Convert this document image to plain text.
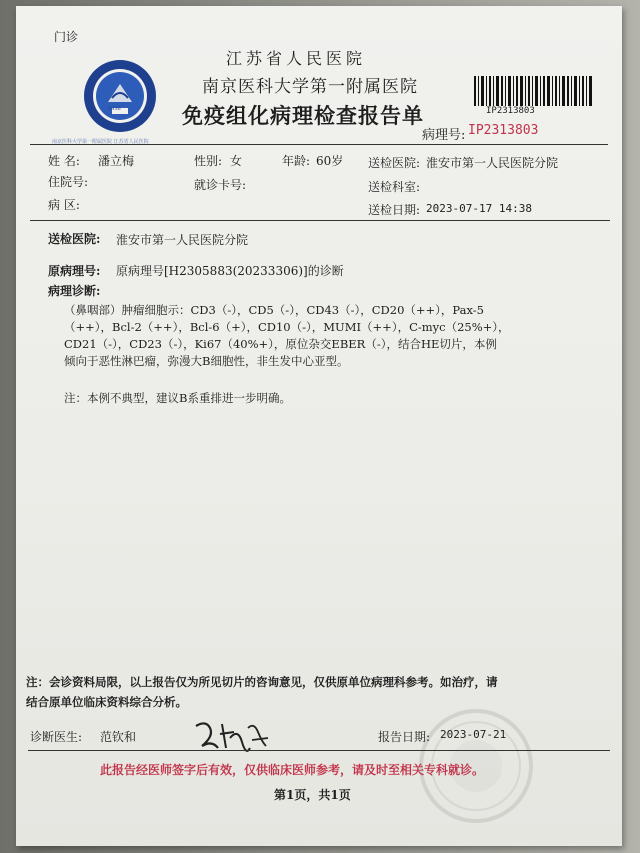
门诊
1936
南京医科大学第一附属医院 江苏省人民医院
江苏省人民医院
南京医科大学第一附属医院
免疫组化病理检查报告单	IP2313803
病理号: IP2313803
姓 名: 潘立梅	性别: 女	年龄: 60岁 送检医院: 淮安市第一人民医院分院
住院号:	就诊卡号:	送检科室:
病 区:	送检日期: 2023-07-17 14:38
送检医院: 淮安市第一人民医院分院
原病理号: 原病理号[H2305883(20233306)]的诊断
病理诊断:
（鼻咽部）肿瘤细胞示：CD3（-），CD5（-），CD43（-），CD20（++），Pax-5
（++），Bcl-2（++），Bcl-6（+），CD10（-），MUMI（++），C-myc（25%+），
CD21（-），CD23（-），Ki67（40%+），原位杂交EBER（-），结合HE切片，本例
倾向于恶性淋巴瘤，弥漫大B细胞性，非生发中心亚型。
注：本例不典型，建议B系重排进一步明确。
注：会诊资料局限，以上报告仅为所见切片的咨询意见，仅供原单位病理科参考。如治疗，请
结合原单位临床资料综合分析。
诊断医生: 范钦和	报告日期: 2023-07-21
此报告经医师签字后有效，仅供临床医师参考，请及时至相关专科就诊。
第1页，共1页
